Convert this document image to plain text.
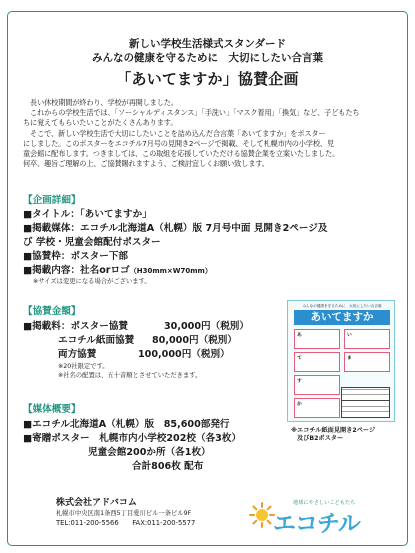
新しい学校生活様式スタンダード
みんなの健康を守るために　大切にしたい合言葉
「あいてますか」協賛企画

　長い休校期間が終わり、学校が再開しました。

　これからの学校生活では、「ソーシャルディスタンス」「手洗い」「マスク着用」「換気」など、子どもたち

ちに覚えてもらいたいことがたくさんあります。

　そこで、新しい学校生活で大切にしたいことを詰め込んだ合言葉「あいてますか」をポスター

にしました。このポスターをエコチル7月号の見開き2ページで掲載、そして札幌市内の小学校、児

童会館に配布します。つきましては、この取組を応援していただける協賛企業を立案いたしました。

何卒、趣旨ご理解の上、ご協賛賜れますよう、ご検討宜しくお願い致します。

【企画詳細】
■タイトル：「あいてますか」
■掲載媒体：エコチル北海道A（札幌）版 7月号中面 見開き2ページ及
び 学校・児童会館配付ポスター
■協賛枠：ポスター下部
■掲載内容：社名orロゴ（H30mm×W70mm）
※サイズは変更になる場合がございます。
【協賛金額】
■掲載料：ポスター協賛	30,000円（税別）
エコチル紙面協賛 80,000円（税別）
両方協賛	100,000円（税別）
※20社限定です。
※社名の配置は、五十音順とさせていただきます。
【媒体概要】
■エコチル北海道A（札幌）版　85,600部発行
■寄贈ポスター　札幌市内小学校202校（各3枚）
児童会館200か所（各1枚）
合計806枚 配布
みんなの健康を守るために　大切にしたい合言葉
あいてますか
あ	い
て	ま
す
か
※エコチル紙面見開き2ページ
及びB2ポスター
株式会社アドバコム
札幌市中央区南1条西5丁目愛川ビル一条ビル9F
TEL:011-200-5566　　FAX:011-200-5577
地球にやさしいこどもたち
エコチル
